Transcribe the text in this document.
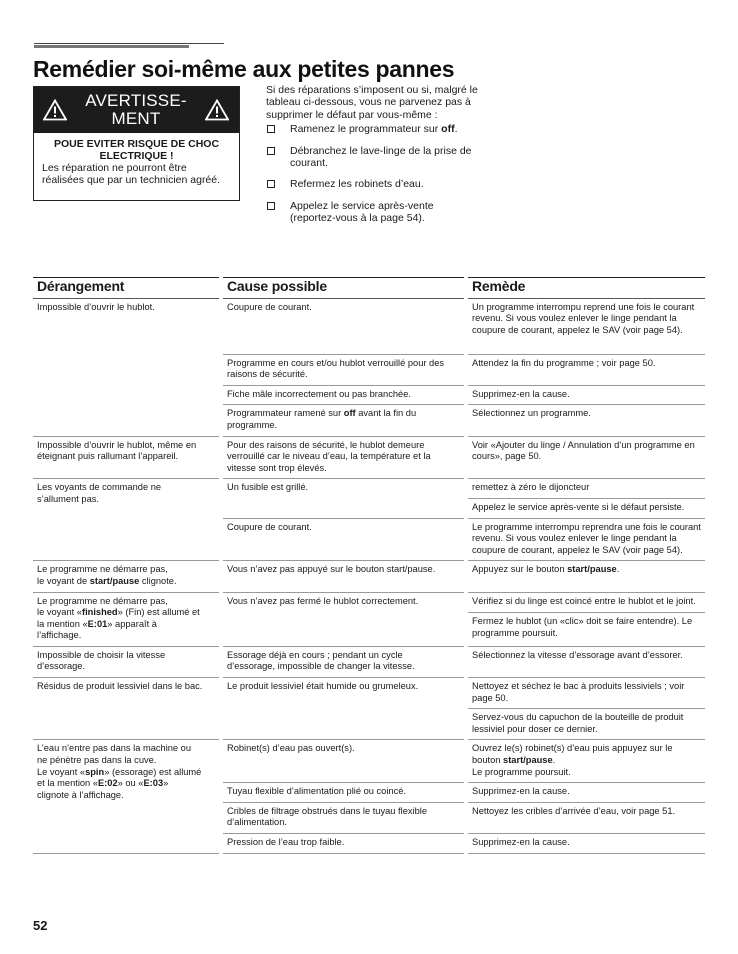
Remédier soi-même aux petites pannes
AVERTISSE-
MENT
POUE EVITER RISQUE DE CHOC ELECTRIQUE !
Les réparation ne pourront être réalisées que par un technicien agréé.

Si des réparations s’imposent ou si, malgré le tableau ci-dessous, vous ne parvenez pas à supprimer le défaut par vous-même :

Ramenez le programmateur sur off.
Débranchez le lave-linge de la prise de courant.
Refermez les robinets d’eau.
Appelez le service après-vente (reportez-vous à la page 54).
Dérangement	Cause possible	Remède
Impossible d’ouvrir le hublot.	Coupure de courant.	Un programme interrompu reprend une fois le courant revenu. Si vous voulez enlever le linge pendant la coupure de courant, appelez le SAV (voir page 54).
	Programme en cours et/ou hublot verrouillé pour des raisons de sécurité.	Attendez la fin du programme ; voir page 50.
	Fiche mâle incorrectement ou pas branchée.	Supprimez-en la cause.
	Programmateur ramené sur off avant la fin du programme.	Sélectionnez un programme.
Impossible d’ouvrir le hublot, même en éteignant puis rallumant l’appareil.	Pour des raisons de sécurité, le hublot demeure verrouillé car le niveau d’eau, la température et la vitesse sont trop élevés.	Voir «Ajouter du linge / Annulation d’un programme en cours», page 50.
Les voyants de commande ne s’allument pas.	Un fusible est grillé.	remettez à zéro le dijoncteur
		Appelez le service après-vente si le défaut persiste.
	Coupure de courant.	Le programme interrompu reprendra une fois le courant revenu. Si vous voulez enlever le linge pendant la coupure de courant, appelez le SAV (voir page 54).
Le programme ne démarre pas,
le voyant de start/pause clignote.	Vous n’avez pas appuyé sur le bouton start/pause.	Appuyez sur le bouton start/pause.
Le programme ne démarre pas,
le voyant «finished» (Fin) est allumé et la mention «E:01» apparaît à l’affichage.	Vous n’avez pas fermé le hublot correctement.	Vérifiez si du linge est coincé entre le hublot et le joint.
		Fermez le hublot (un «clic» doit se faire entendre). Le programme poursuit.
Impossible de choisir la vitesse d’essorage.	Essorage déjà en cours ; pendant un cycle d’essorage, impossible de changer la vitesse.	Sélectionnez la vitesse d’essorage avant d’essorer.
Résidus de produit lessiviel dans le bac.	Le produit lessiviel était humide ou grumeleux.	Nettoyez et séchez le bac à produits lessiviels ; voir page 50.
		Servez-vous du capuchon de la bouteille de produit lessiviel pour doser ce dernier.
L’eau n’entre pas dans la machine ou ne pénètre pas dans la cuve.
Le voyant «spin» (essorage) est allumé et la mention «E:02» ou «E:03»
clignote à l’affichage.	Robinet(s) d’eau pas ouvert(s).	Ouvrez le(s) robinet(s) d’eau puis appuyez sur le bouton start/pause.
Le programme poursuit.
	Tuyau flexible d’alimentation plié ou coincé.	Supprimez-en la cause.
	Cribles de filtrage obstrués dans le tuyau flexible d’alimentation.	Nettoyez les cribles d’arrivée d’eau, voir page 51.
	Pression de l’eau trop faible.	Supprimez-en la cause.
52
